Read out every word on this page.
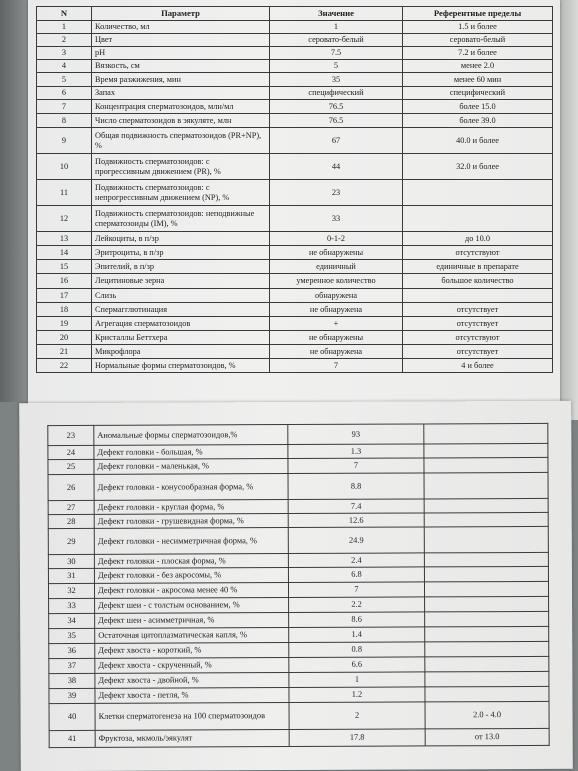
N	Параметр	Значение	Референтные пределы
1	Количество, мл	1	1.5 и более
2	Цвет	серовато-белый	серовато-белый
3	pH	7.5	7.2 и более
4	Вязкость, см	5	менее 2.0
5	Время разжижения, мин	35	менее 60 мин
6	Запах	специфический	специфический
7	Концентрация сперматозоидов, млн/мл	76.5	более 15.0
8	Число сперматозоидов в эякуляте, млн	76.5	более 39.0
9	Общая подвижность сперматозоидов (PR+NP), %	67	40.0 и более
10	Подвижность сперматозоидов: с прогрессивным движением (PR), %	44	32.0 и более
11	Подвижность сперматозоидов: с непрогрессивным движением (NP), %	23	
12	Подвижность сперматозоидов: неподвижные сперматозоиды (IM), %	33	
13	Лейкоциты, в п/зр	0-1-2	до 10.0
14	Эритроциты, в п/зр	не обнаружены	отсутствуют
15	Эпителий, в п/зр	единичный	единичные в препарате
16	Лецитиновые зерна	умеренное количество	большое количество
17	Слизь	обнаружена	
18	Спермагглютинация	не обнаружена	отсутствует
19	Агрегация сперматозоидов	+	отсутствует
20	Кристаллы Беттхера	не обнаружены	отсутствуют
21	Микрофлора	не обнаружена	отсутствует
22	Нормальные формы сперматозоидов, %	7	4 и более
23	Аномальные формы сперматозоидов,%	93	
24	Дефект головки - большая, %	1.3	
25	Дефект головки - маленькая, %	7	
26	Дефект головки - конусообразная форма, %	8.8	
27	Дефект головки - круглая форма, %	7.4	
28	Дефект головки - грушевидная форма, %	12.6	
29	Дефект головки - несимметричная форма, %	24.9	
30	Дефект головки - плоская форма, %	2.4	
31	Дефект головки - без акросомы, %	6.8	
32	Дефект головки - акросома менее 40 %	7	
33	Дефект шеи - с толстым основанием, %	2.2	
34	Дефект шеи - асимметричная, %	8.6	
35	Остаточная цитоплазматическая капля, %	1.4	
36	Дефект хвоста - короткий, %	0.8	
37	Дефект хвоста - скрученный, %	6.6	
38	Дефект хвоста - двойной, %	1	
39	Дефект хвоста - петля, %	1.2	
40	Клетки сперматогенеза на 100 сперматозоидов	2	2.0 - 4.0
41	Фруктоза, мкмоль/эякулят	17.8	от 13.0
